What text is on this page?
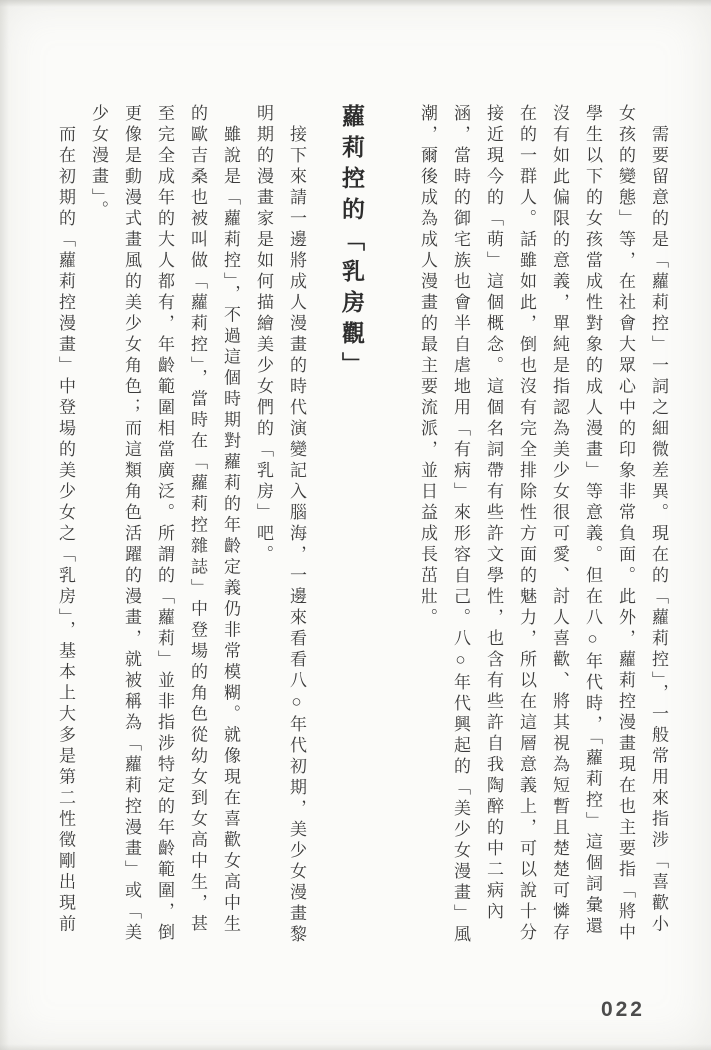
需要留意的是「蘿莉控」一詞之細微差異。現在的「蘿莉控」，一般常用來指涉「喜歡小女孩的變態」等，在社會大眾心中的印象非常負面。此外，蘿莉控漫畫現在也主要指「將中學生以下的女孩當成性對象的成人漫畫」等意義。但在八○年代時，「蘿莉控」這個詞彙還沒有如此偏限的意義，單純是指認為美少女很可愛、討人喜歡、將其視為短暫且楚楚可憐存在的一群人。話雖如此，倒也沒有完全排除性方面的魅力，所以在這層意義上，可以說十分接近現今的「萌」這個概念。這個名詞帶有些許文學性，也含有些許自我陶醉的中二病內涵，當時的御宅族也會半自虐地用「有病」來形容自己。八○年代興起的「美少女漫畫」風潮，爾後成為成人漫畫的最主要流派，並日益成長茁壯。

蘿莉控的「乳房觀」

接下來請一邊將成人漫畫的時代演變記入腦海，一邊來看看八○年代初期，美少女漫畫黎明期的漫畫家是如何描繪美少女們的「乳房」吧。

雖說是「蘿莉控」，不過這個時期對蘿莉的年齡定義仍非常模糊。就像現在喜歡女高中生的歐吉桑也被叫做「蘿莉控」，當時在「蘿莉控雜誌」中登場的角色從幼女到女高中生，甚至完全成年的大人都有，年齡範圍相當廣泛。所謂的「蘿莉」並非指涉特定的年齡範圍，倒更像是動漫式畫風的美少女角色；而這類角色活躍的漫畫，就被稱為「蘿莉控漫畫」或「美少女漫畫」。

而在初期的「蘿莉控漫畫」中登場的美少女之「乳房」，基本上大多是第二性徵剛出現前

022
